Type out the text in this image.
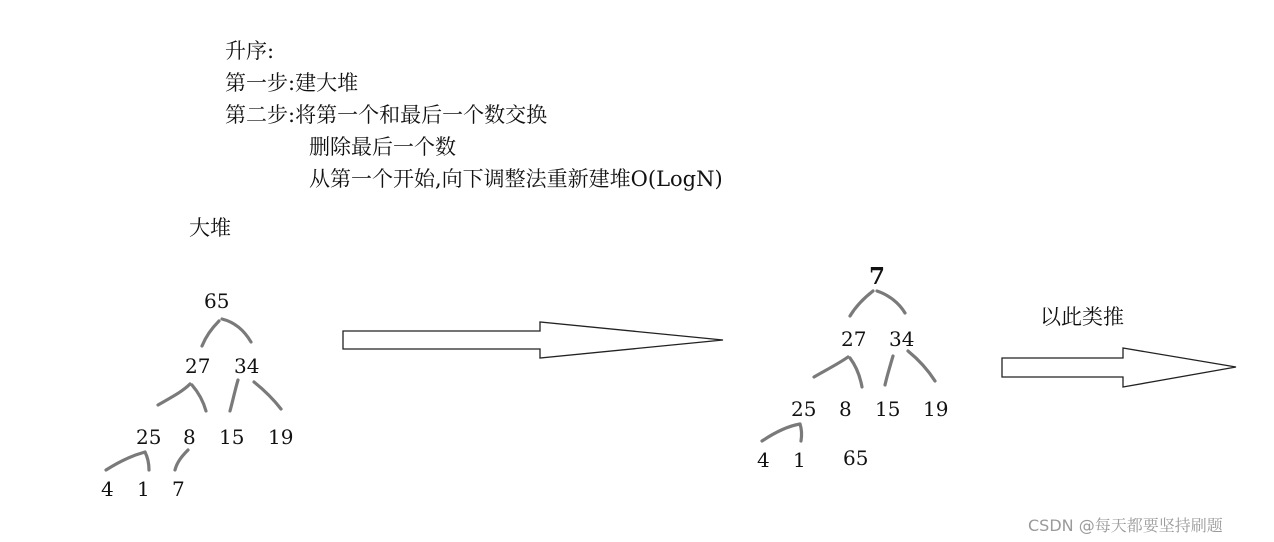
升序:
第一步:建大堆
第二步:将第一个和最后一个数交换
删除最后一个数
从第一个开始,向下调整法重新建堆O(LogN)
大堆
65
27 34
25 8 15 19
4 1 7
7
27 34
25 8 15 19
4 1 65
以此类推
CSDN @每天都要坚持刷题
